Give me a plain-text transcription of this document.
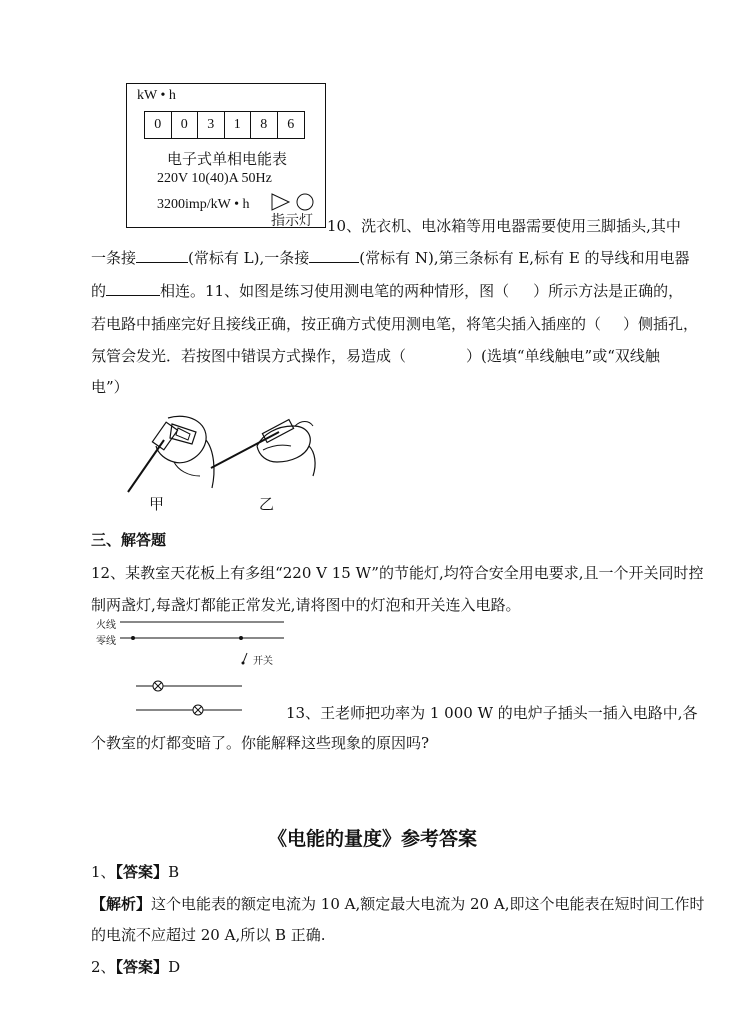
kW • h
0	0	3	1	8	6
电子式单相电能表
220V 10(40)A 50Hz
3200imp/kW • h
指示灯 10、洗衣机、电冰箱等用电器需要使用三脚插头,其中
一条接	(常标有 L),一条接	(常标有 N),第三条标有 E,标有 E 的导线和用电器
的	相连。11、如图是练习使用测电笔的两种情形，图（ ）所示方法是正确的，
若电路中插座完好且接线正确，按正确方式使用测电笔，将笔尖插入插座的（ ）侧插孔，
氖管会发光．若按图中错误方式操作，易造成（	）(选填“单线触电”或“双线触
电”）
甲	乙
三、解答题
12、某教室天花板上有多组“220 V 15 W”的节能灯,均符合安全用电要求,且一个开关同时控
制两盏灯,每盏灯都能正常发光,请将图中的灯泡和开关连入电路。
火线
零线
开关
13、王老师把功率为 1 000 W 的电炉子插头一插入电路中,各
个教室的灯都变暗了。你能解释这些现象的原因吗?
《电能的量度》参考答案
1、【答案】B
【解析】这个电能表的额定电流为 10 A,额定最大电流为 20 A,即这个电能表在短时间工作时
的电流不应超过 20 A,所以 B 正确.
2、【答案】D
